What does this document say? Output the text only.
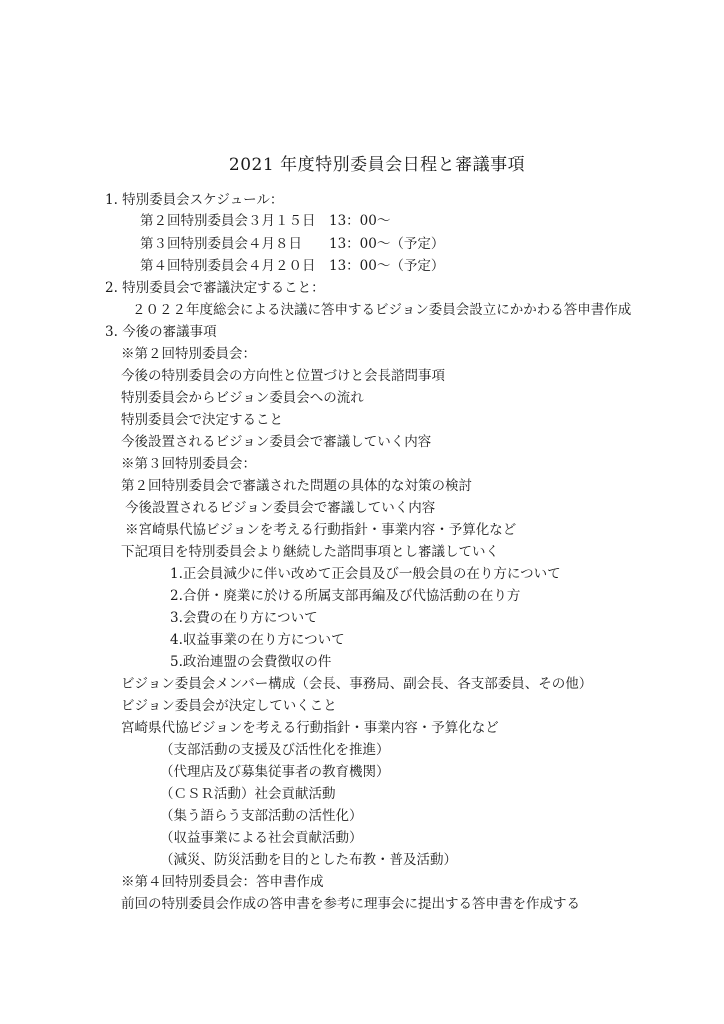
2021 年度特別委員会日程と審議事項
1. 特別委員会スケジュール：
第２回特別委員会３月１５日　13：00～
第３回特別委員会４月８日　　13：00～（予定）
第４回特別委員会４月２０日　13：00～（予定）
2. 特別委員会で審議決定すること：
２０２２年度総会による決議に答申するビジョン委員会設立にかかわる答申書作成
3. 今後の審議事項
※第２回特別委員会：
今後の特別委員会の方向性と位置づけと会長諮問事項
特別委員会からビジョン委員会への流れ
特別委員会で決定すること
今後設置されるビジョン委員会で審議していく内容
※第３回特別委員会：
第２回特別委員会で審議された問題の具体的な対策の検討
今後設置されるビジョン委員会で審議していく内容
※宮崎県代協ビジョンを考える行動指針・事業内容・予算化など
下記項目を特別委員会より継続した諮問事項とし審議していく
1.正会員減少に伴い改めて正会員及び一般会員の在り方について
2.合併・廃業に於ける所属支部再編及び代協活動の在り方
3.会費の在り方について
4.収益事業の在り方について
5.政治連盟の会費徴収の件
ビジョン委員会メンバー構成（会長、事務局、副会長、各支部委員、その他）
ビジョン委員会が決定していくこと
宮崎県代協ビジョンを考える行動指針・事業内容・予算化など
（支部活動の支援及び活性化を推進）
（代理店及び募集従事者の教育機関）
（ＣＳＲ活動）社会貢献活動
（集う語らう支部活動の活性化）
（収益事業による社会貢献活動）
（減災、防災活動を目的とした布教・普及活動）
※第４回特別委員会：答申書作成
前回の特別委員会作成の答申書を参考に理事会に提出する答申書を作成する
